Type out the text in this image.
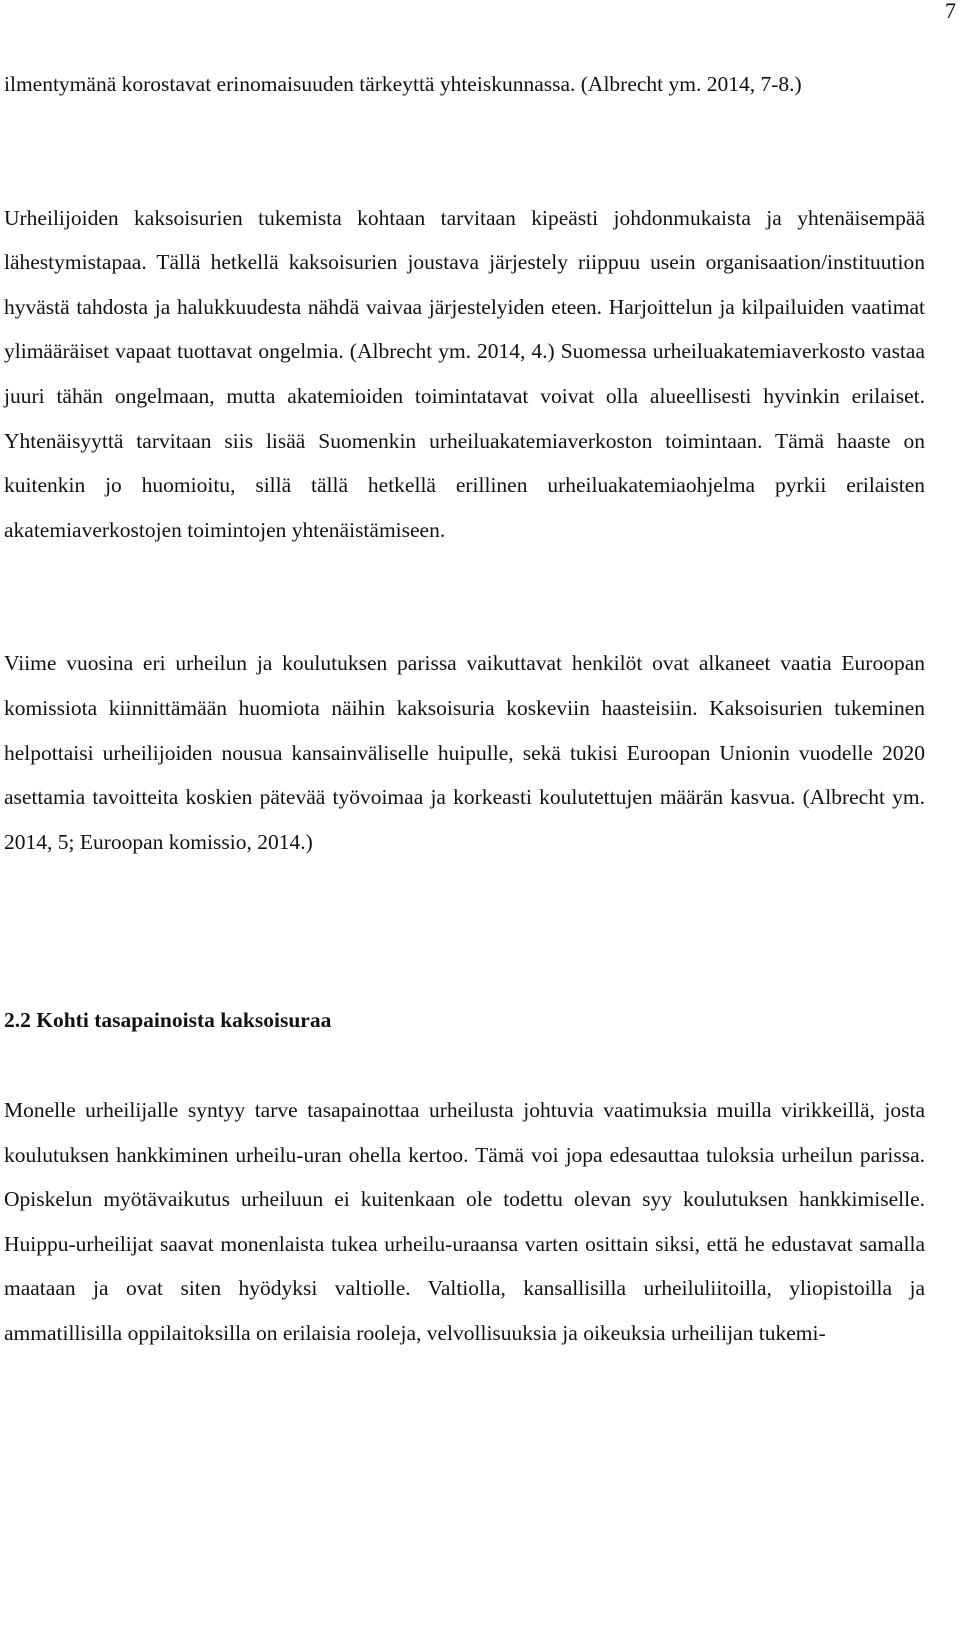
7

ilmentymänä korostavat erinomaisuuden tärkeyttä yhteiskunnassa. (Albrecht ym. 2014, 7-8.)

Urheilijoiden kaksoisurien tukemista kohtaan tarvitaan kipeästi johdonmukaista ja yhtenäisempää lähestymistapaa. Tällä hetkellä kaksoisurien joustava järjestely riippuu usein organisaation/instituution hyvästä tahdosta ja halukkuudesta nähdä vaivaa järjestelyiden eteen. Harjoittelun ja kilpailuiden vaatimat ylimääräiset vapaat tuottavat ongelmia. (Albrecht ym. 2014, 4.) Suomessa urheiluakatemiaverkosto vastaa juuri tähän ongelmaan, mutta akatemioiden toimintatavat voivat olla alueellisesti hyvinkin erilaiset. Yhtenäisyyttä tarvitaan siis lisää Suomenkin urheiluakatemiaverkoston toimintaan. Tämä haaste on kuitenkin jo huomioitu, sillä tällä hetkellä erillinen urheiluakatemiaohjelma pyrkii erilaisten akatemiaverkostojen toimintojen yhtenäistämiseen.

Viime vuosina eri urheilun ja koulutuksen parissa vaikuttavat henkilöt ovat alkaneet vaatia Euroopan komissiota kiinnittämään huomiota näihin kaksoisuria koskeviin haasteisiin. Kaksoisurien tukeminen helpottaisi urheilijoiden nousua kansainväliselle huipulle, sekä tukisi Euroopan Unionin vuodelle 2020 asettamia tavoitteita koskien pätevää työvoimaa ja korkeasti koulutettujen määrän kasvua. (Albrecht ym. 2014, 5; Euroopan komissio, 2014.)

2.2 Kohti tasapainoista kaksoisuraa

Monelle urheilijalle syntyy tarve tasapainottaa urheilusta johtuvia vaatimuksia muilla virikkeillä, josta koulutuksen hankkiminen urheilu-uran ohella kertoo. Tämä voi jopa edesauttaa tuloksia urheilun parissa. Opiskelun myötävaikutus urheiluun ei kuitenkaan ole todettu olevan syy koulutuksen hankkimiselle. Huippu-urheilijat saavat monenlaista tukea urheilu-uraansa varten osittain siksi, että he edustavat samalla maataan ja ovat siten hyödyksi valtiolle. Valtiolla, kansallisilla urheiluliitoilla, yliopistoilla ja ammatillisilla oppilaitoksilla on erilaisia rooleja, velvollisuuksia ja oikeuksia urheilijan tukemi-
